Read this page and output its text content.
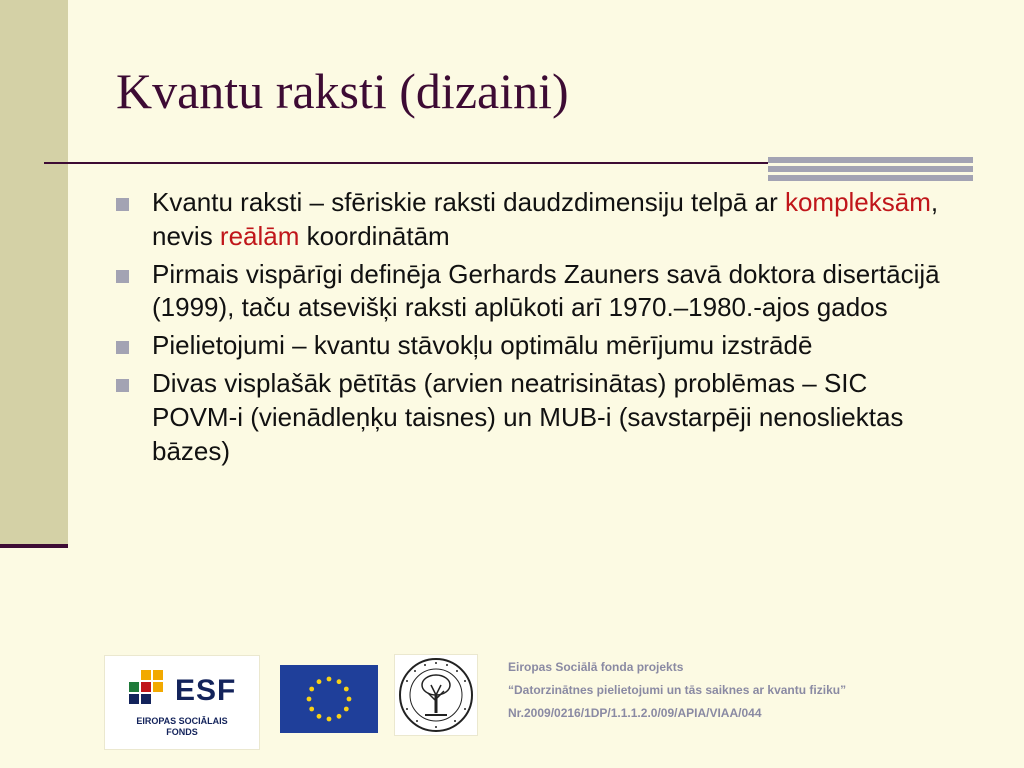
Kvantu raksti (dizaini)
Kvantu raksti – sfēriskie raksti daudzdimensiju telpā ar kompleksām, nevis reālām koordinātām
Pirmais vispārīgi definēja Gerhards Zauners savā doktora disertācijā (1999), taču atsevišķi raksti aplūkoti arī 1970.–1980.-ajos gados
Pielietojumi – kvantu stāvokļu optimālu mērījumu izstrādē
Divas visplašāk pētītās (arvien neatrisinātas) problēmas – SIC POVM-i (vienādleņķu taisnes) un MUB-i (savstarpēji nenosliektas bāzes)
ESF
EIROPAS SOCIĀLAIS
FONDS
Eiropas Sociālā fonda projekts
“Datorzinātnes pielietojumi un tās saiknes ar kvantu fiziku”
Nr.2009/0216/1DP/1.1.1.2.0/09/APIA/VIAA/044
